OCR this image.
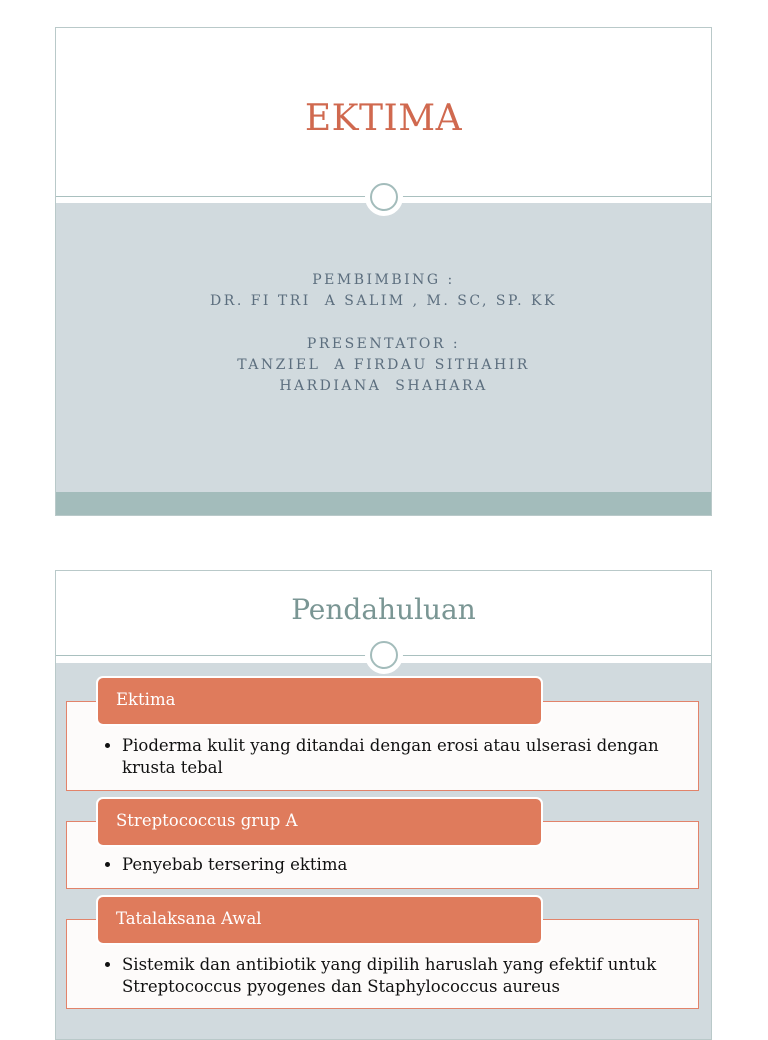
EKTIMA
PEMBIMBING :
DR. FI TRI  A SALIM , M. SC, SP. KK
PRESENTATOR :
TANZIEL  A FIRDAU SITHAHIR
HARDIANA  SHAHARA
Pendahuluan
Ektima
• Pioderma kulit yang ditandai dengan erosi atau ulserasi dengan krusta tebal
Streptococcus grup A
• Penyebab tersering ektima
Tatalaksana Awal
• Sistemik dan antibiotik yang dipilih haruslah yang efektif untuk Streptococcus pyogenes dan Staphylococcus aureus
